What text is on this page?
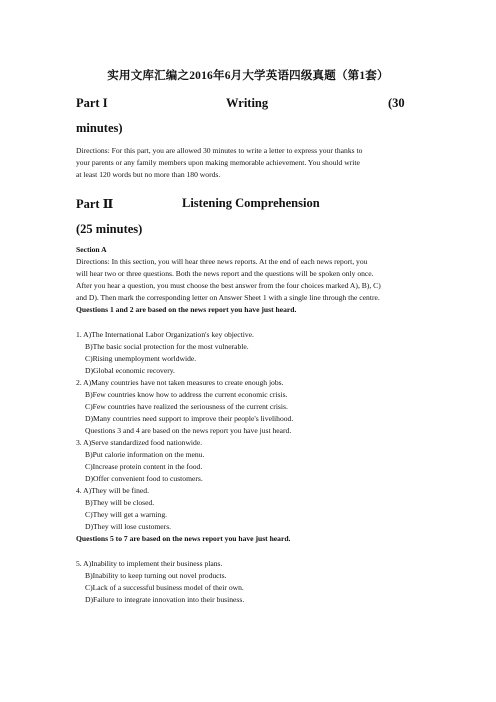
实用文库汇编之2016年6月大学英语四级真题（第1套）
Part I	Writing	(30
minutes)
Directions: For this part, you are allowed 30 minutes to write a letter to express your thanks to
your parents or any family members upon making memorable achievement. You should write
at least 120 words but no more than 180 words.
Part Ⅱ	Listening Comprehension
(25 minutes)
Section A
Directions: In this section, you will hear three news reports. At the end of each news report, you
will hear two or three questions. Both the news report and the questions will be spoken only once.
After you hear a question, you must choose the best answer from the four choices marked A), B), C)
and D). Then mark the corresponding letter on Answer Sheet 1 with a single line through the centre.
Questions 1 and 2 are based on the news report you have just heard.
1. A)The International Labor Organization's key objective.
B)The basic social protection for the most vulnerable.
C)Rising unemployment worldwide.
D)Global economic recovery.
2. A)Many countries have not taken measures to create enough jobs.
B)Few countries know how to address the current economic crisis.
C)Few countries have realized the seriousness of the current crisis.
D)Many countries need support to improve their people's livelihood.
Questions 3 and 4 are based on the news report you have just heard.
3. A)Serve standardized food nationwide.
B)Put calorie information on the menu.
C)Increase protein content in the food.
D)Offer convenient food to customers.
4. A)They will be fined.
B)They will be closed.
C)They will get a warning.
D)They will lose customers.
Questions 5 to 7 are based on the news report you have just heard.
5. A)Inability to implement their business plans.
B)Inability to keep turning out novel products.
C)Lack of a successful business model of their own.
D)Failure to integrate innovation into their business.
